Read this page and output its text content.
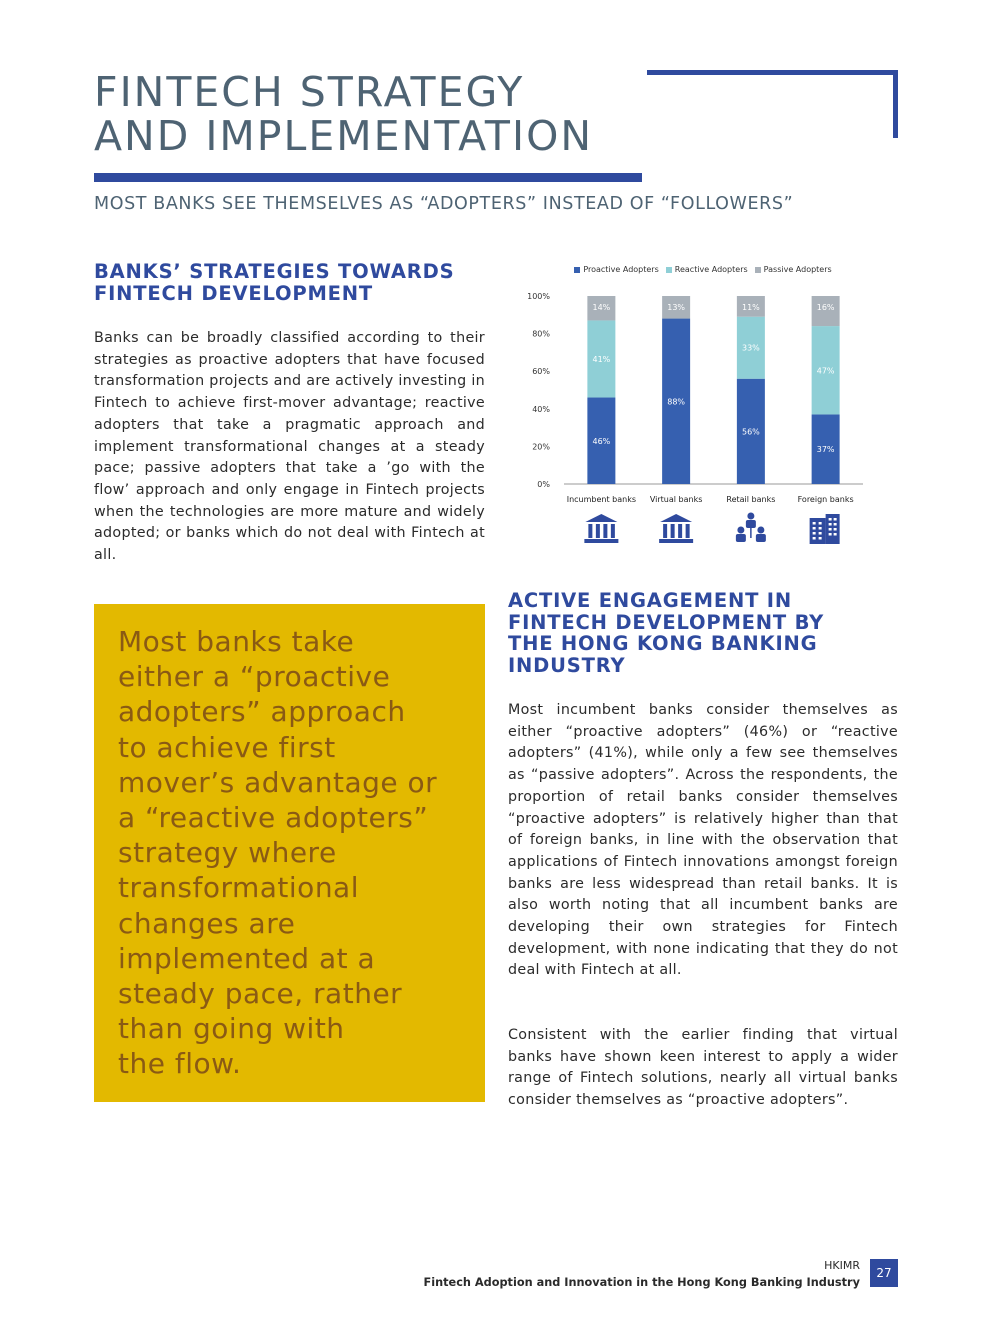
FINTECH STRATEGY
AND IMPLEMENTATION
MOST BANKS SEE THEMSELVES AS “ADOPTERS” INSTEAD OF “FOLLOWERS”
BANKS’ STRATEGIES TOWARDS
FINTECH DEVELOPMENT
Banks can be broadly classified according to their strategies as proactive adopters that have focused transformation projects and are actively investing in Fintech to achieve first-mover advantage; reactive adopters that take a pragmatic approach and implement transformational changes at a steady pace; passive adopters that take a ’go with the flow’ approach and only engage in Fintech projects when the technologies are more mature and widely adopted; or banks which do not deal with Fintech at all.
Most banks take
either a “proactive
adopters” approach
to achieve first
mover’s advantage or
a “reactive adopters”
strategy where
transformational
changes are
implemented at a
steady pace, rather
than going with
the flow.
Proactive Adopters Reactive Adopters Passive Adopters
0%
20%
40%
60%
80%
100%
46%
41%
14%
Incumbent banks
88%
13%
Virtual banks
56%
33%
11%
Retail banks
37%
47%
16%
Foreign banks
ACTIVE ENGAGEMENT IN
FINTECH DEVELOPMENT BY
THE HONG KONG BANKING
INDUSTRY
Most incumbent banks consider themselves as either “proactive adopters” (46%) or “reactive adopters” (41%), while only a few see themselves as “passive adopters”. Across the respondents, the proportion of retail banks consider themselves “proactive adopters” is relatively higher than that of foreign banks, in line with the observation that applications of Fintech innovations amongst foreign banks are less widespread than retail banks. It is also worth noting that all incumbent banks are developing their own strategies for Fintech development, with none indicating that they do not deal with Fintech at all.
Consistent with the earlier finding that virtual banks have shown keen interest to apply a wider range of Fintech solutions, nearly all virtual banks consider themselves as “proactive adopters”.
HKIMR
Fintech Adoption and Innovation in the Hong Kong Banking Industry
27
